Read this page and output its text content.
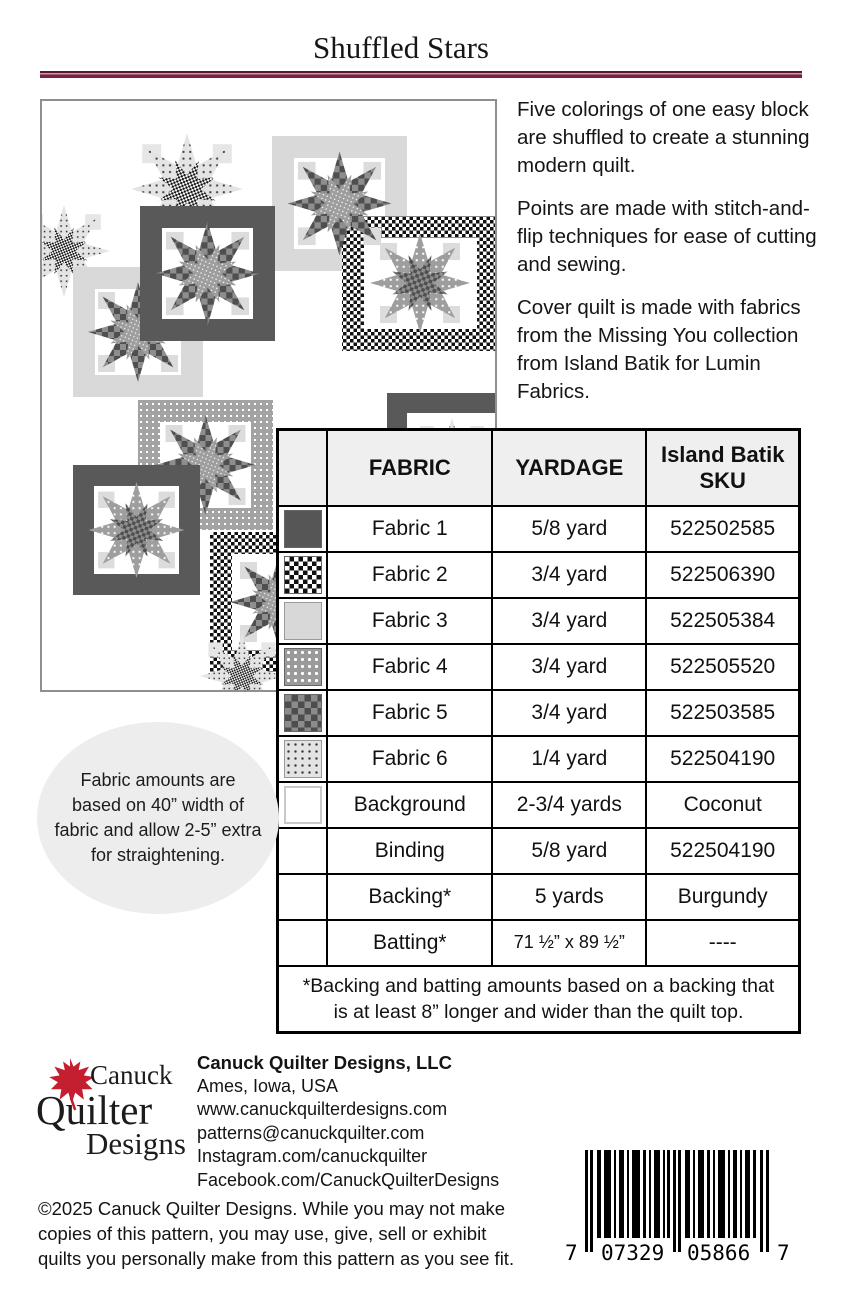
Shuffled Stars

Five colorings of one easy block are shuffled to create a stunning modern quilt.

Points are made with stitch-and-flip techniques for ease of cutting and sewing.

Cover quilt is made with fabrics from the Missing You collection from Island Batik for Lumin Fabrics.

	FABRIC	YARDAGE	Island Batik SKU

	Fabric 1	5/8 yard	522502585

	Fabric 2	3/4 yard	522506390

	Fabric 3	3/4 yard	522505384

	Fabric 4	3/4 yard	522505520

	Fabric 5	3/4 yard	522503585

	Fabric 6	1/4 yard	522504190

	Background	2-3/4 yards	Coconut
	Binding	5/8 yard	522504190
	Backing*	5 yards	Burgundy
	Batting*	71 ½” x 89 ½”	----
*Backing and batting amounts based on a backing that is at least 8” longer and wider than the quilt top.			
Fabric amounts are based on 40” width of fabric and allow 2-5” extra for straightening.
Canuck
Quilter
Designs
Canuck Quilter Designs, LLC
Ames, Iowa, USA
www.canuckquilterdesigns.com
patterns@canuckquilter.com
Instagram.com/canuckquilter
Facebook.com/CanuckQuilterDesigns
©2025 Canuck Quilter Designs. While you may not make copies of this pattern, you may use, give, sell or exhibit quilts you personally make from this pattern as you see fit.	7 07329 05866 7
